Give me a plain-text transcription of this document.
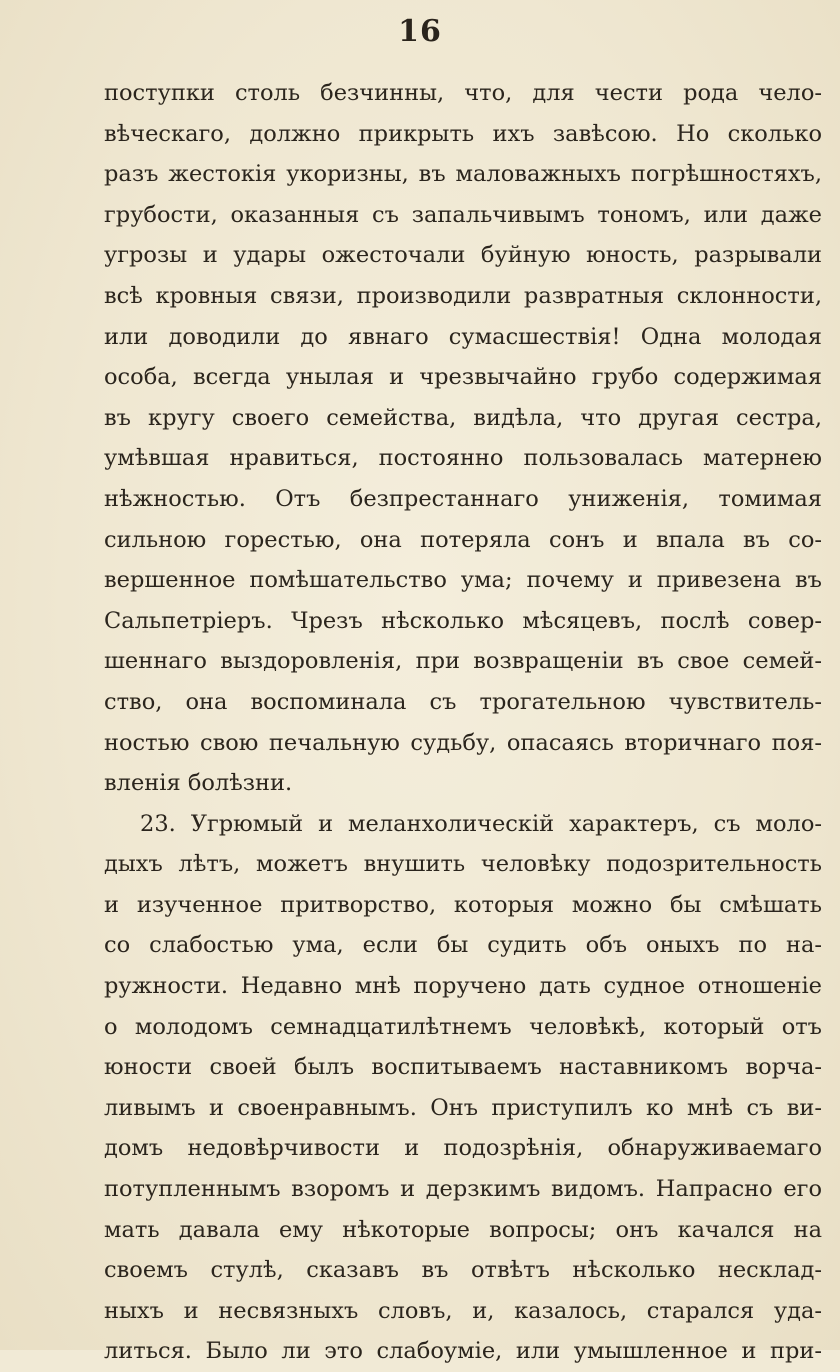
16
поступки столь безчинны, что, для чести рода чело-
вѣческаго, должно прикрыть ихъ завѣсою. Но сколько
разъ жестокія укоризны, въ маловажныхъ погрѣшностяхъ,
грубости, оказанныя съ запальчивымъ тономъ, или даже
угрозы и удары ожесточали буйную юность, разрывали
всѣ кровныя связи, производили развратныя склонности,
или доводили до явнаго сумасшествія! Одна молодая
особа, всегда унылая и чрезвычайно грубо содержимая
въ кругу своего семейства, видѣла, что другая сестра,
умѣвшая нравиться, постоянно пользовалась матернею
нѣжностью. Отъ безпрестаннаго униженія, томимая
сильною горестью, она потеряла сонъ и впала въ со-
вершенное помѣшательство ума; почему и привезена въ
Сальпетріеръ. Чрезъ нѣсколько мѣсяцевъ, послѣ совер-
шеннаго выздоровленія, при возвращеніи въ свое семей-
ство, она воспоминала съ трогательною чувствитель-
ностью свою печальную судьбу, опасаясь вторичнаго поя-
вленія болѣзни.
23. Угрюмый и меланхолическій характеръ, съ моло-
дыхъ лѣтъ, можетъ внушить человѣку подозрительность
и изученное притворство, которыя можно бы смѣшать
со слабостью ума, если бы судить объ оныхъ по на-
ружности. Недавно мнѣ поручено дать судное отношеніе
о молодомъ семнадцатилѣтнемъ человѣкѣ, который отъ
юности своей былъ воспитываемъ наставникомъ ворча-
ливымъ и своенравнымъ. Онъ приступилъ ко мнѣ съ ви-
домъ недовѣрчивости и подозрѣнія, обнаруживаемаго
потупленнымъ взоромъ и дерзкимъ видомъ. Напрасно его
мать давала ему нѣкоторые вопросы; онъ качался на
своемъ стулѣ, сказавъ въ отвѣтъ нѣсколько несклад-
ныхъ и несвязныхъ словъ, и, казалось, старался уда-
литься. Было ли это слабоуміе, или умышленное и при-
